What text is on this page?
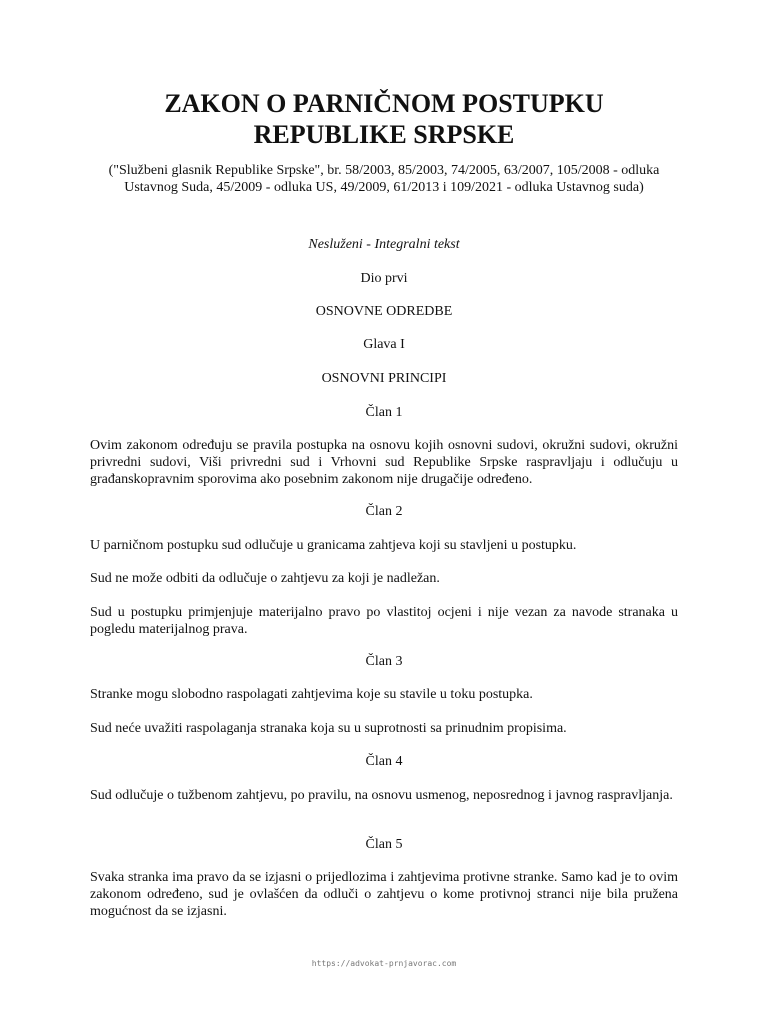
ZAKON O PARNIČNOM POSTUPKU
REPUBLIKE SRPSKE

("Službeni glasnik Republike Srpske", br. 58/2003, 85/2003, 74/2005, 63/2007, 105/2008 - odluka Ustavnog Suda, 45/2009 - odluka US, 49/2009, 61/2013 i 109/2021 - odluka Ustavnog suda)

Nesluženi - Integralni tekst

Dio prvi

OSNOVNE ODREDBE

Glava I

OSNOVNI PRINCIPI

Član 1

Ovim zakonom određuju se pravila postupka na osnovu kojih osnovni sudovi, okružni sudovi, okružni privredni sudovi, Viši privredni sud i Vrhovni sud Republike Srpske raspravljaju i odlučuju u građanskopravnim sporovima ako posebnim zakonom nije drugačije određeno.

Član 2

U parničnom postupku sud odlučuje u granicama zahtjeva koji su stavljeni u postupku.

Sud ne može odbiti da odlučuje o zahtjevu za koji je nadležan.

Sud u postupku primjenjuje materijalno pravo po vlastitoj ocjeni i nije vezan za navode stranaka u pogledu materijalnog prava.

Član 3

Stranke mogu slobodno raspolagati zahtjevima koje su stavile u toku postupka.

Sud neće uvažiti raspolaganja stranaka koja su u suprotnosti sa prinudnim propisima.

Član 4

Sud odlučuje o tužbenom zahtjevu, po pravilu, na osnovu usmenog, neposrednog i javnog raspravljanja.

Član 5

Svaka stranka ima pravo da se izjasni o prijedlozima i zahtjevima protivne stranke. Samo kad je to ovim zakonom određeno, sud je ovlašćen da odluči o zahtjevu o kome protivnoj stranci nije bila pružena mogućnost da se izjasni.

https://advokat-prnjavorac.com
